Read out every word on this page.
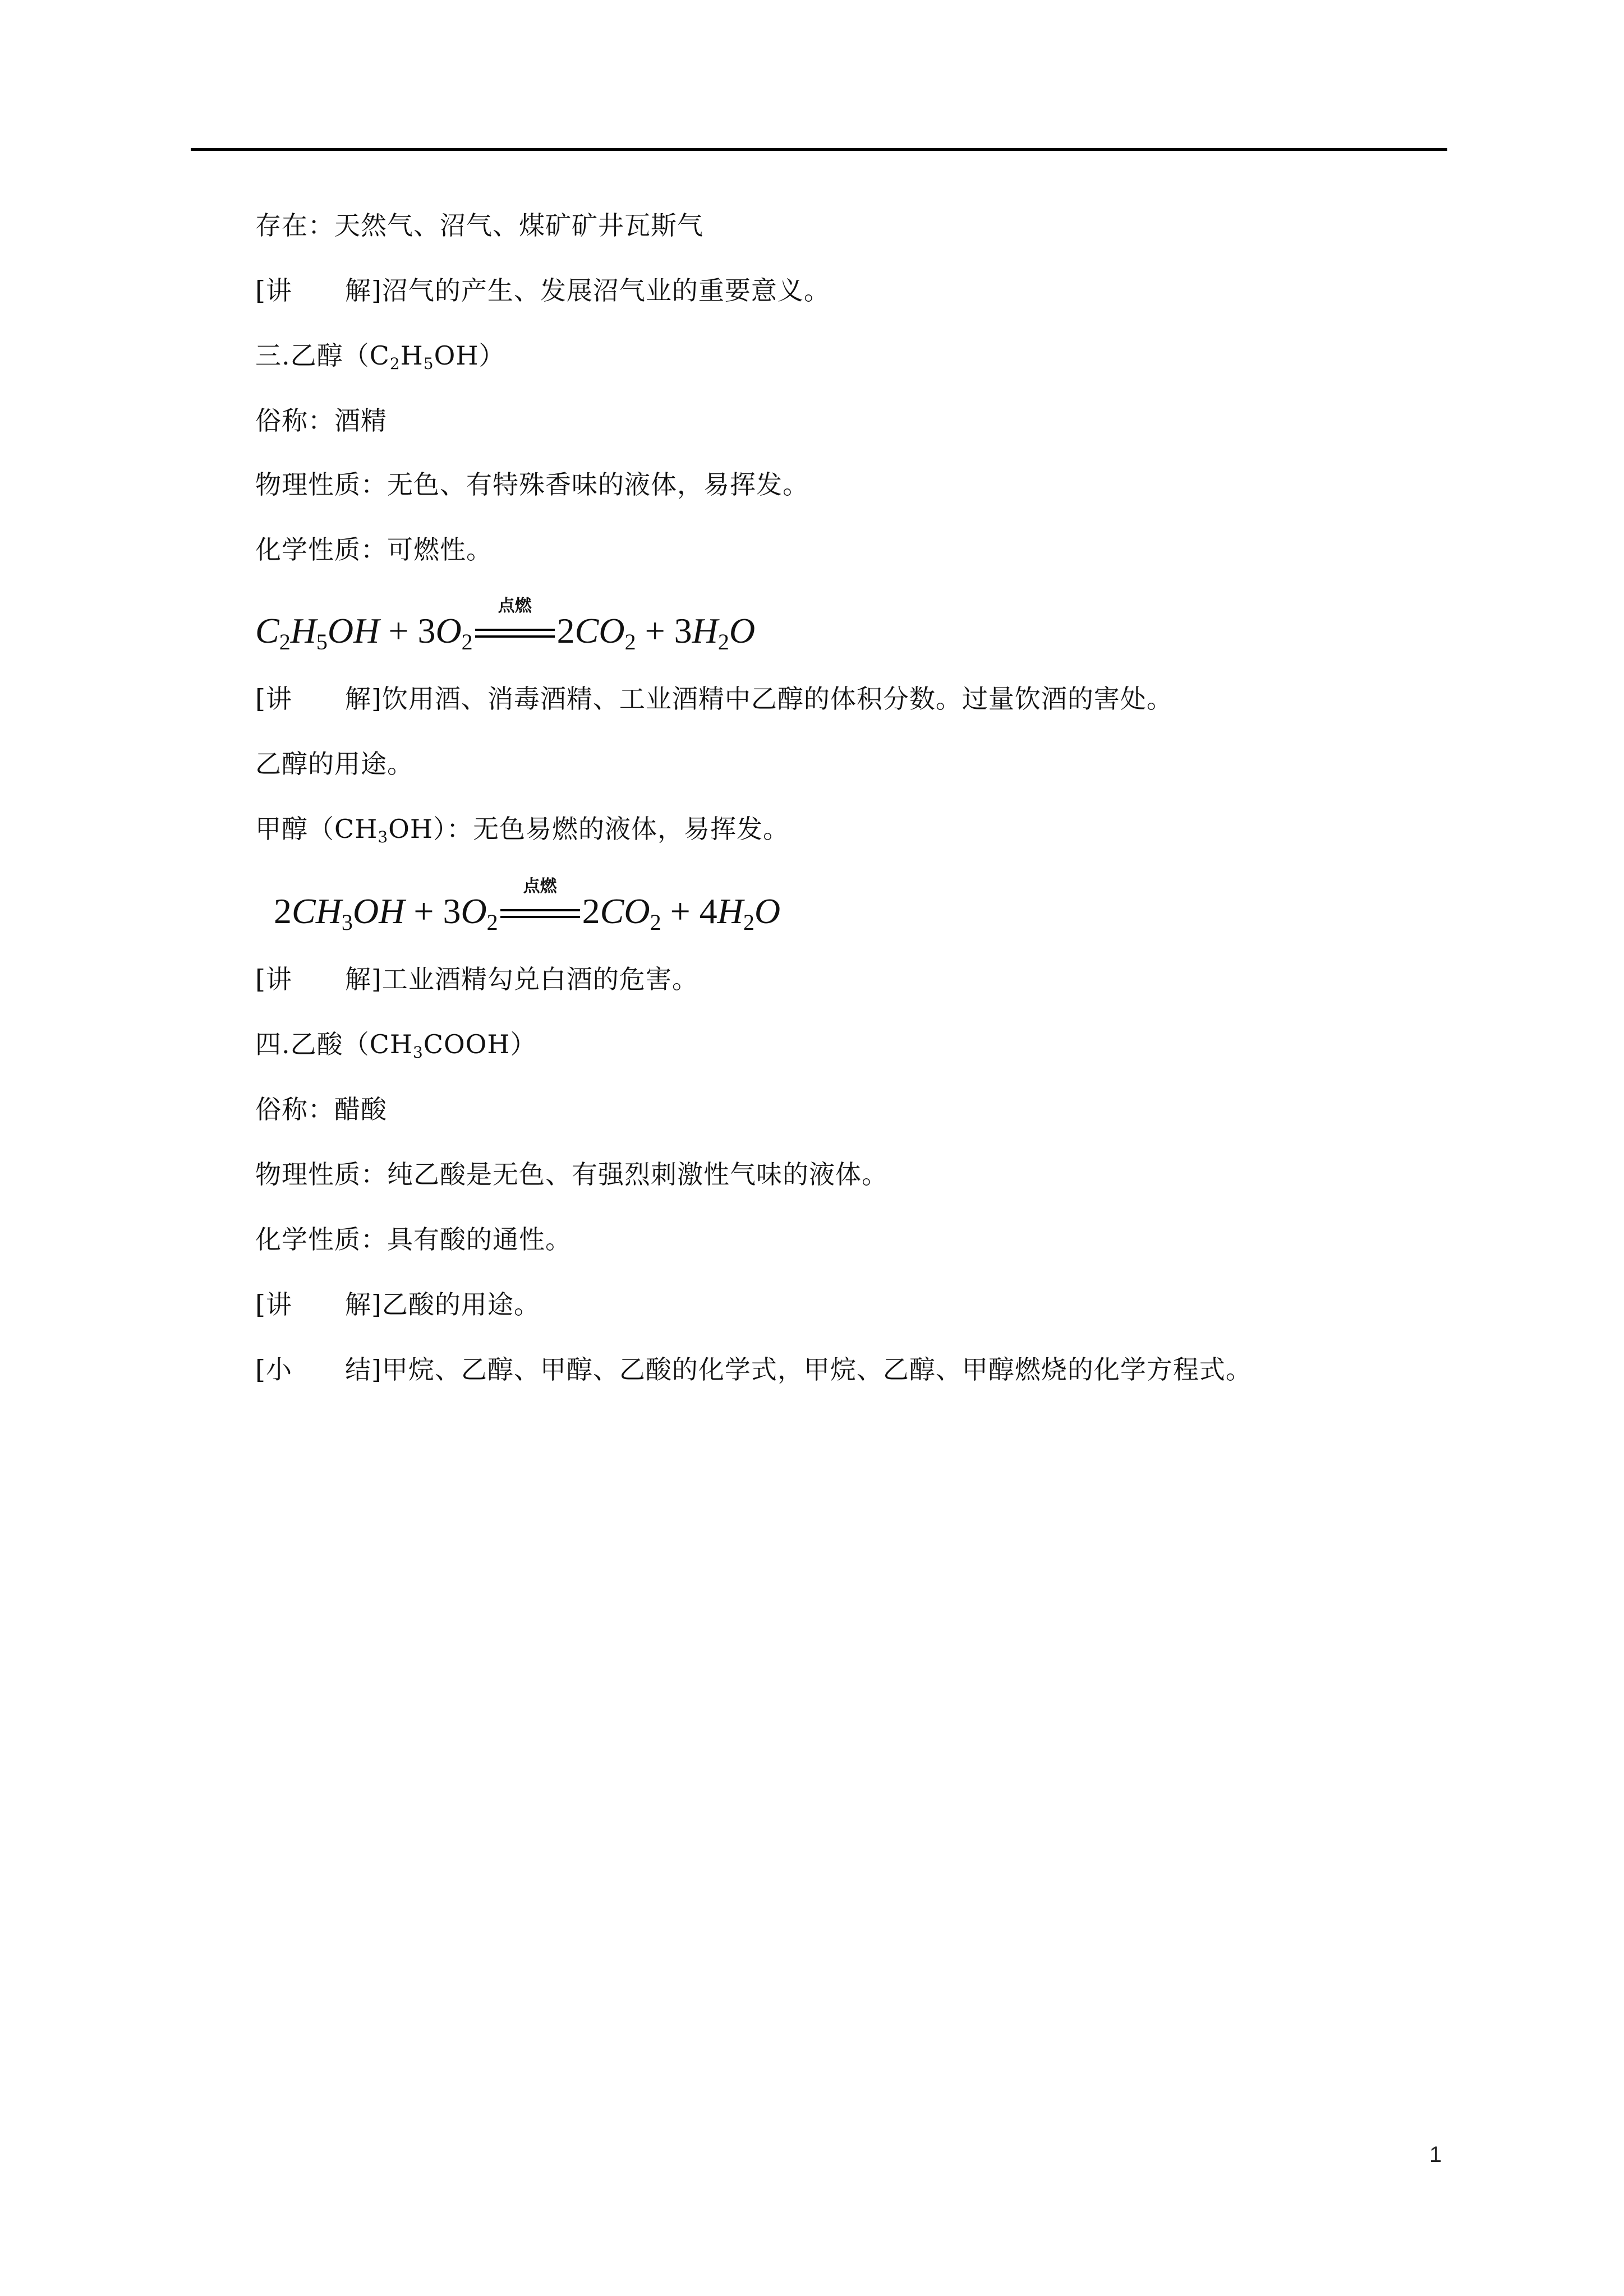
存在：天然气、沼气、煤矿矿井瓦斯气
[讲　　解]沼气的产生、发展沼气业的重要意义。
三.乙醇$(C_2H_5OH)$
俗称：酒精
物理性质：无色、有特殊香味的液体，易挥发。
化学性质：可燃性。
$C_2H_5OH + 3O_2$
点燃
$2CO_2 + 3H_2O$
[讲　　解]饮用酒、消毒酒精、工业酒精中乙醇的体积分数。过量饮酒的害处。
乙醇的用途。
甲醇$(CH_3OH)$：无色易燃的液体，易挥发。
$2CH_3OH + 3O_2$
点燃
$2CO_2 + 4H_2O$
[讲　　解]工业酒精勾兑白酒的危害。
四.乙酸$(CH_3COOH)$
俗称：醋酸
物理性质：纯乙酸是无色、有强烈刺激性气味的液体。
化学性质：具有酸的通性。
[讲　　解]乙酸的用途。
[小　　结]甲烷、乙醇、甲醇、乙酸的化学式，甲烷、乙醇、甲醇燃烧的化学方程式。
1
